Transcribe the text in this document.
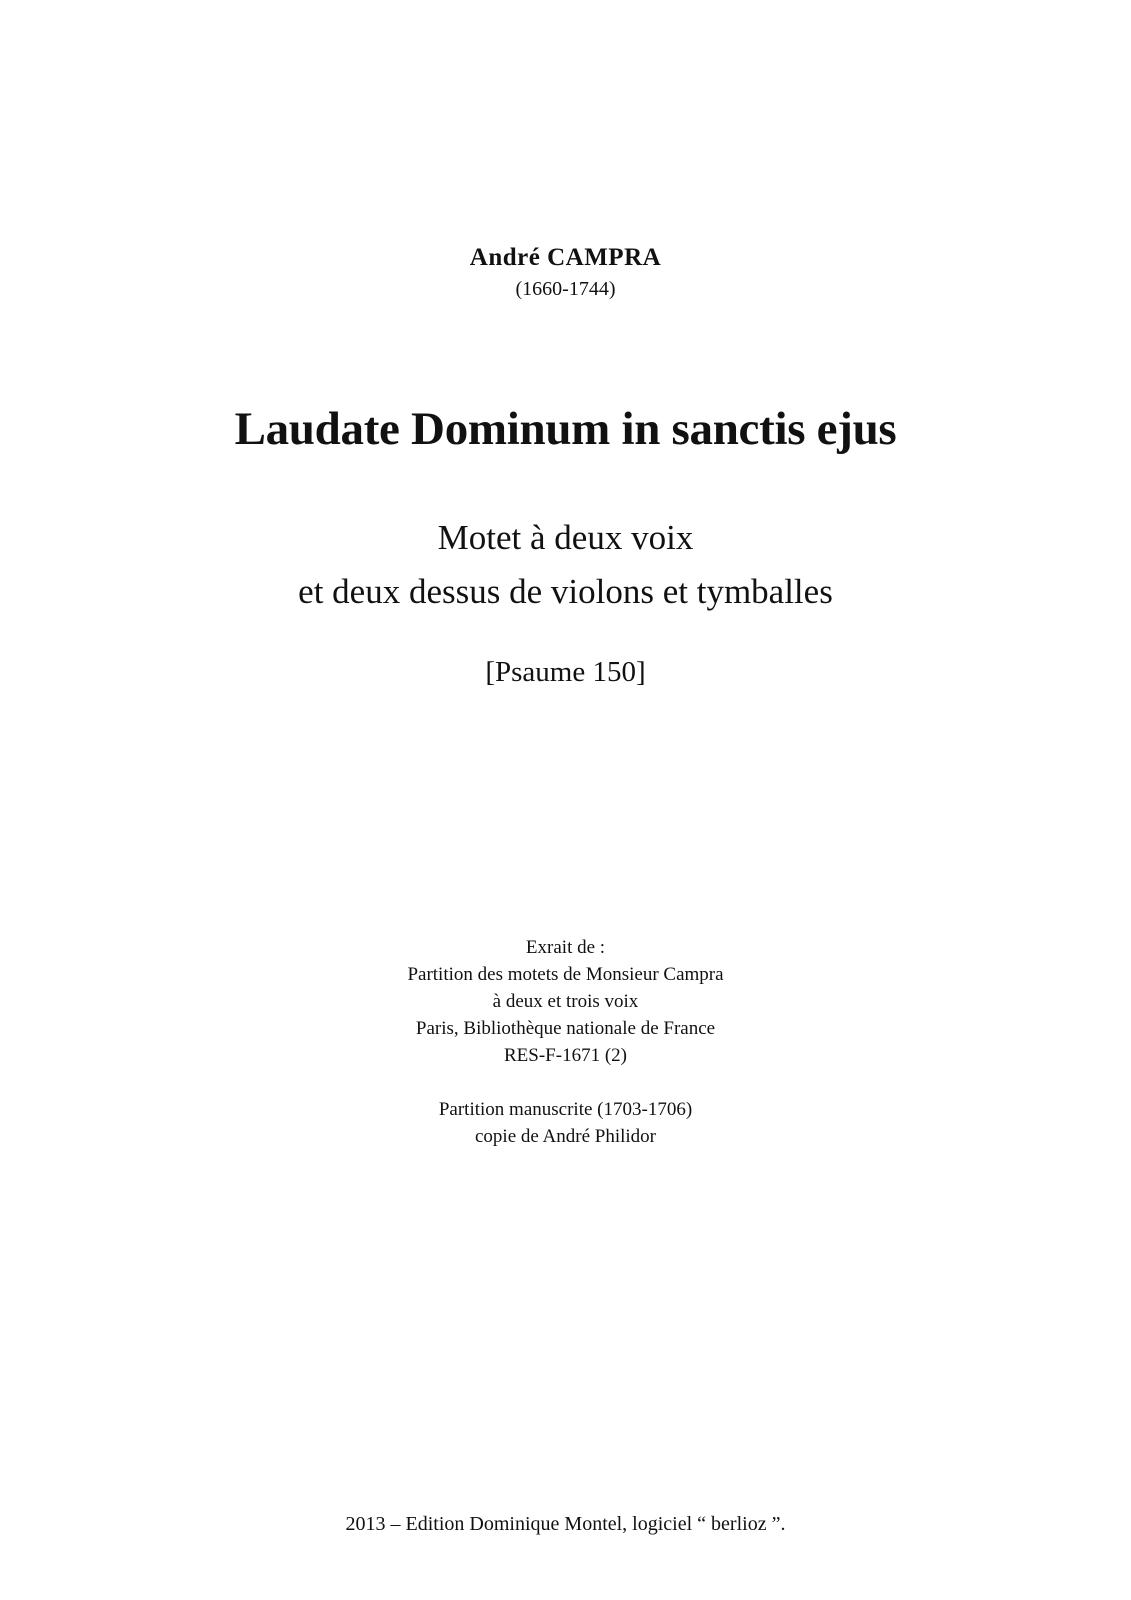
André CAMPRA
(1660-1744)
Laudate Dominum in sanctis ejus
Motet à deux voix
et deux dessus de violons et tymballes
[Psaume 150]
Exrait de :
Partition des motets de Monsieur Campra
à deux et trois voix
Paris, Bibliothèque nationale de France
RES-F-1671 (2)
Partition manuscrite (1703-1706)
copie de André Philidor
2013 – Edition Dominique Montel, logiciel “ berlioz ”.
